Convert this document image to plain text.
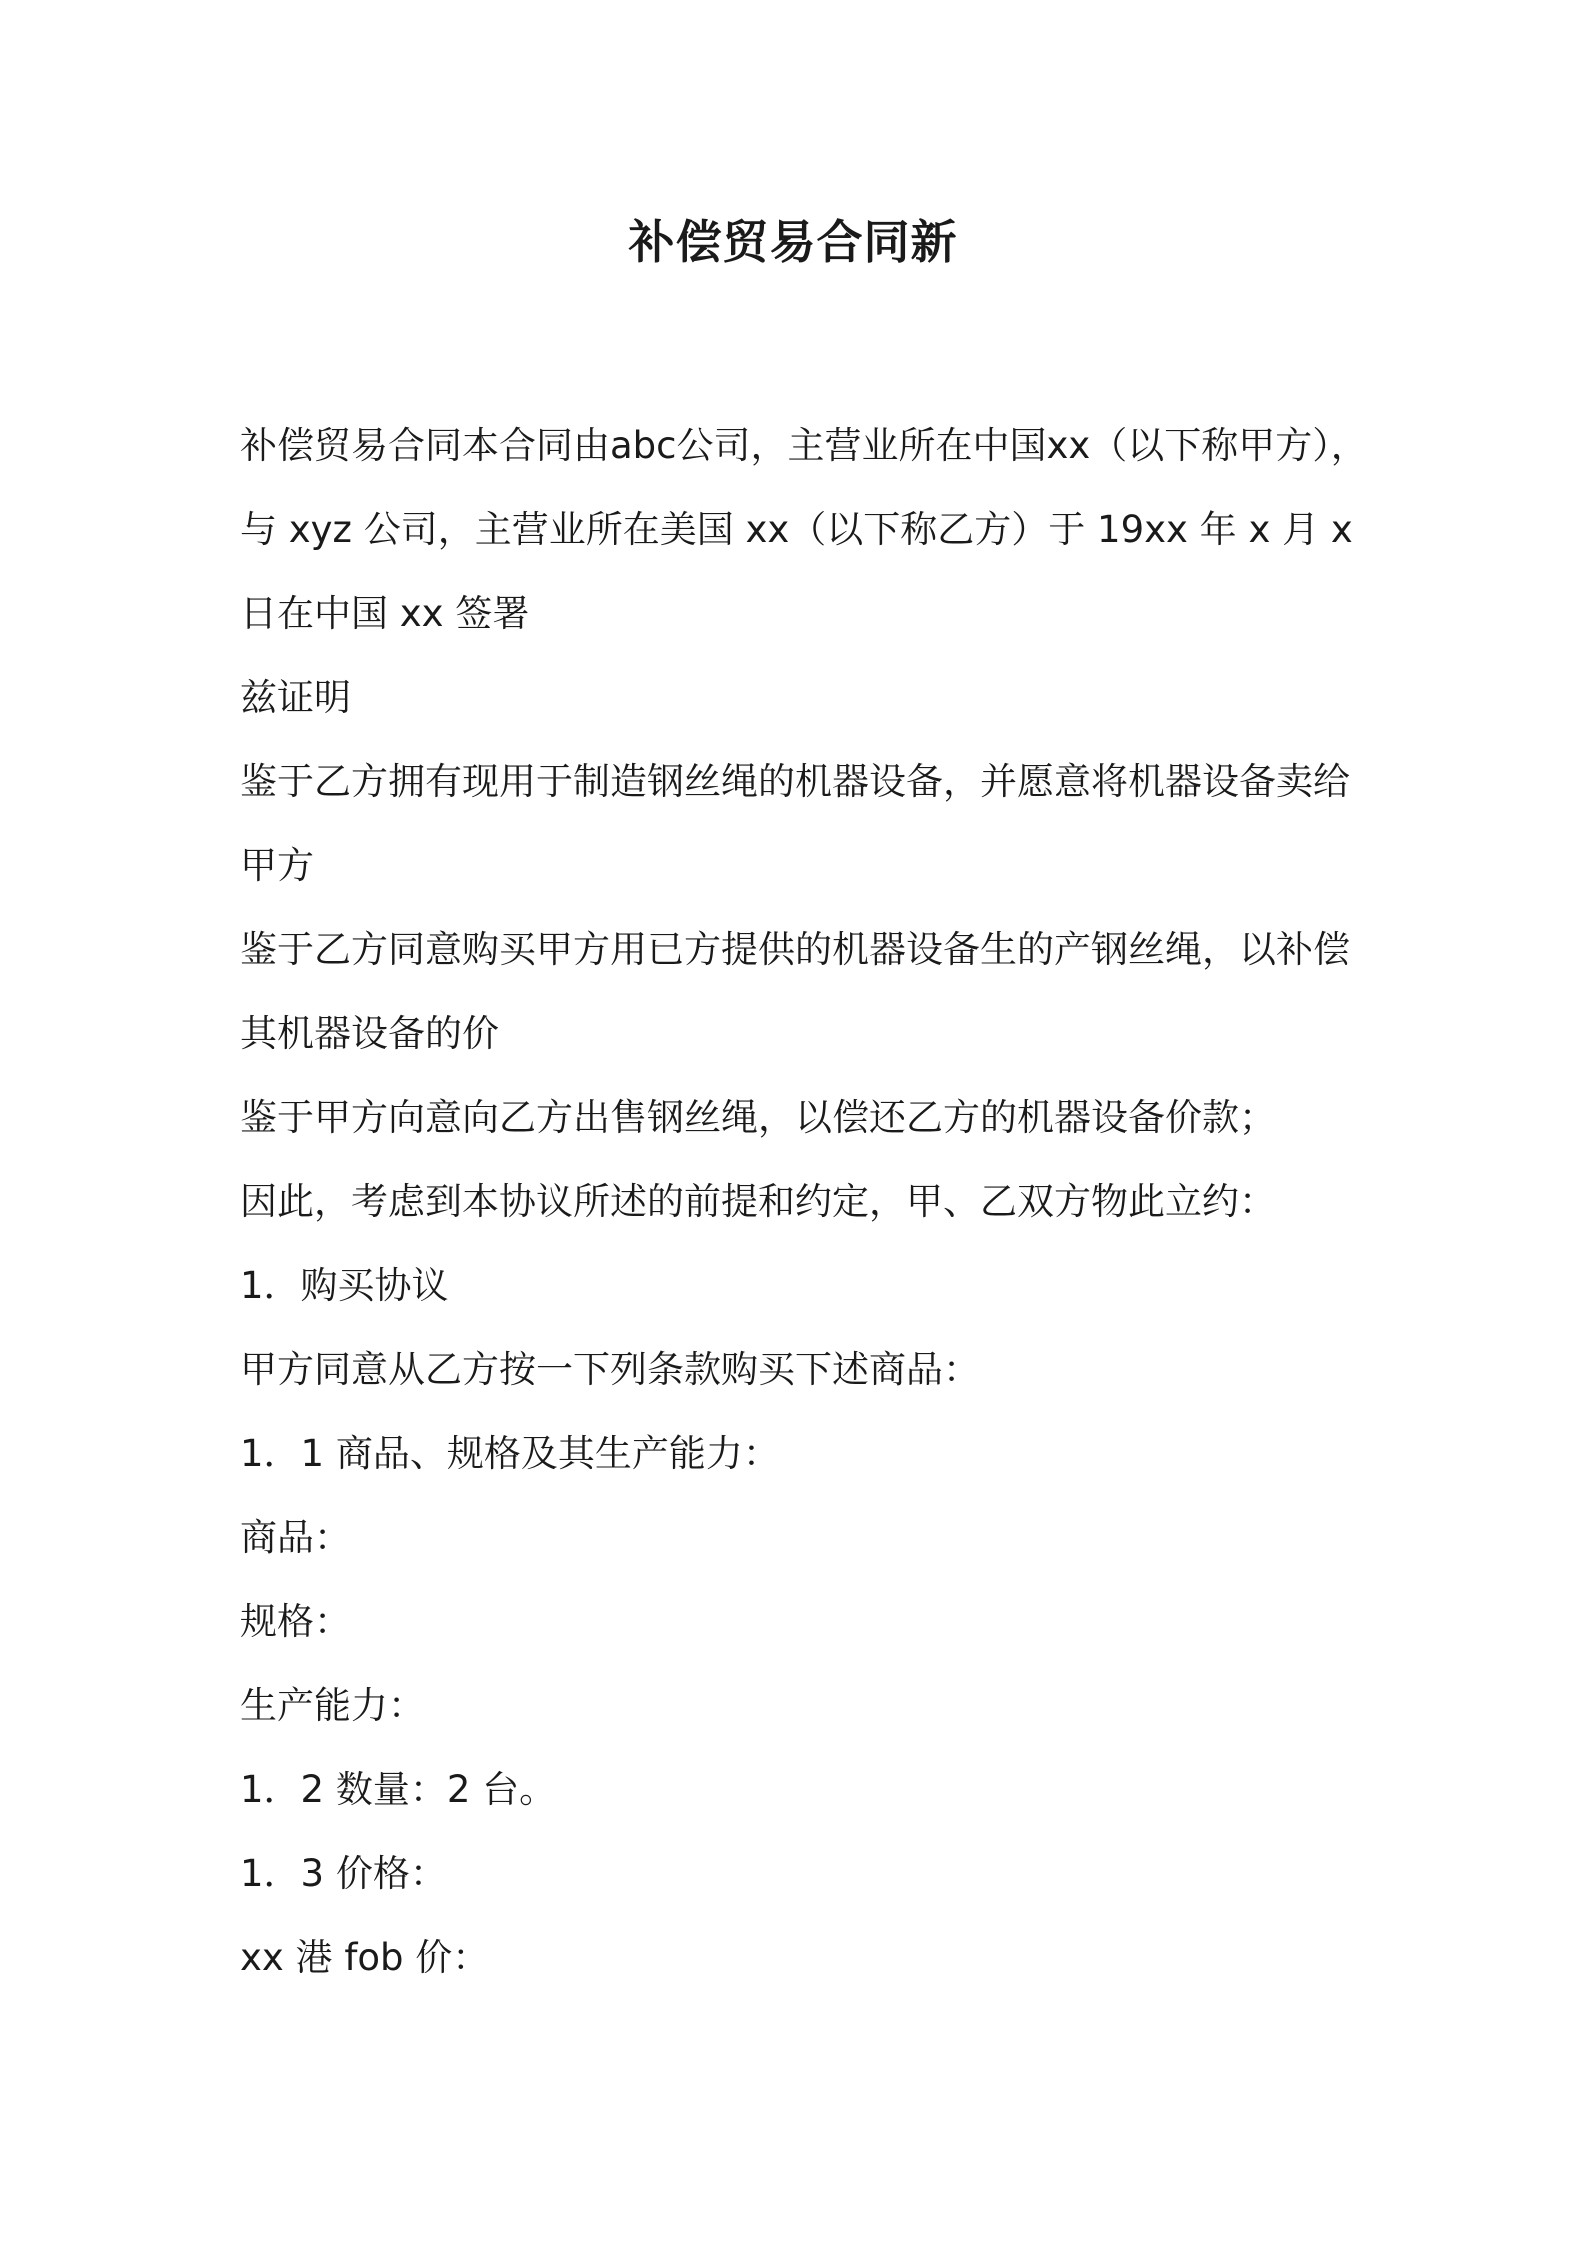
补偿贸易合同新

补偿贸易合同本合同由abc公司，主营业所在中国xx（以下称甲方），

与 xyz 公司，主营业所在美国 xx（以下称乙方）于 19xx 年 x 月 x

日在中国 xx 签署

兹证明

鉴于乙方拥有现用于制造钢丝绳的机器设备，并愿意将机器设备卖给

甲方

鉴于乙方同意购买甲方用已方提供的机器设备生的产钢丝绳，以补偿

其机器设备的价

鉴于甲方向意向乙方出售钢丝绳，以偿还乙方的机器设备价款；

因此，考虑到本协议所述的前提和约定，甲、乙双方物此立约：

1．购买协议

甲方同意从乙方按一下列条款购买下述商品：

1．1 商品、规格及其生产能力：

商品：

规格：

生产能力：

1．2 数量：2 台。

1．3 价格：

xx 港 fob 价：
